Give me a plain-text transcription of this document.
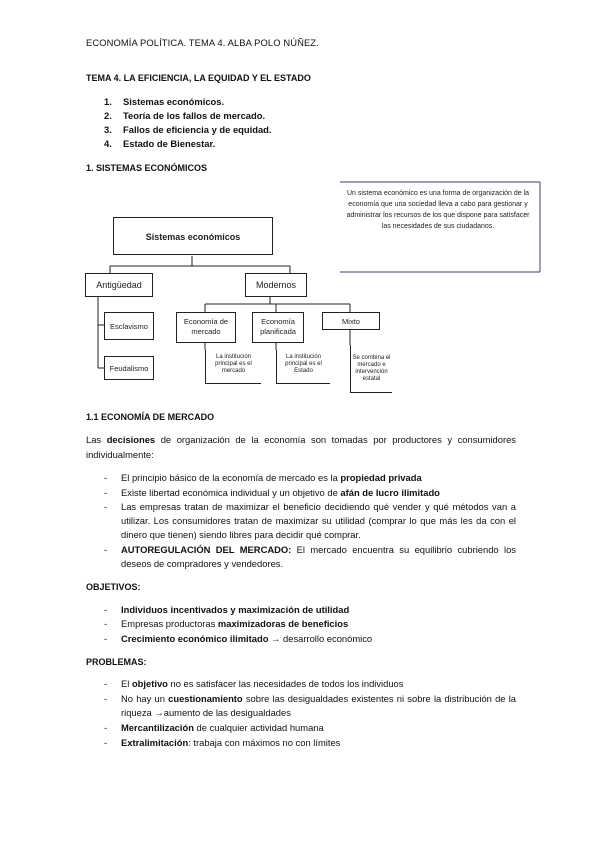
ECONOMÍA POLÍTICA. TEMA 4. ALBA POLO NÚÑEZ.
TEMA 4. LA EFICIENCIA, LA EQUIDAD Y EL ESTADO
1. Sistemas económicos.
2. Teoría de los fallos de mercado.
3. Fallos de eficiencia y de equidad.
4. Estado de Bienestar.
1. SISTEMAS ECONÓMICOS
Sistemas económicos
Un sistema económico es una forma de organización de la economía que una sociedad lleva a cabo para gestionar y administrar los recursos de los que dispone para satisfacer las necesidades de sus ciudadanos.
Antigüedad	Modernos
Esclavismo
Feudalismo
Economía de mercado
Economía planificada
Mixto
La institución principal es el mercado
La institución principal es el Estado
Se combina el mercado e intervención estatal
1.1 ECONOMÍA DE MERCADO
Las decisiones de organización de la economía son tomadas por productores y consumidores individualmente:
-	El principio básico de la economía de mercado es la propiedad privada
-	Existe libertad económica individual y un objetivo de afán de lucro ilimitado
-	Las empresas tratan de maximizar el beneficio decidiendo qué vender y qué métodos van a utilizar. Los consumidores tratan de maximizar su utilidad (comprar lo que más les da con el dinero que tienen) siendo libres para decidir qué comprar.
-	AUTOREGULACIÓN DEL MERCADO: El mercado encuentra su equilibrio cubriendo los deseos de compradores y vendedores.
OBJETIVOS:
-	Individuos incentivados y maximización de utilidad
-	Empresas productoras maximizadoras de beneficios
-	Crecimiento económico ilimitado → desarrollo económico
PROBLEMAS:
-	El objetivo no es satisfacer las necesidades de todos los individuos
-	No hay un cuestionamiento sobre las desigualdades existentes ni sobre la distribución de la riqueza →aumento de las desigualdades
-	Mercantilización de cualquier actividad humana
-	Extralimitación: trabaja con máximos no con límites
